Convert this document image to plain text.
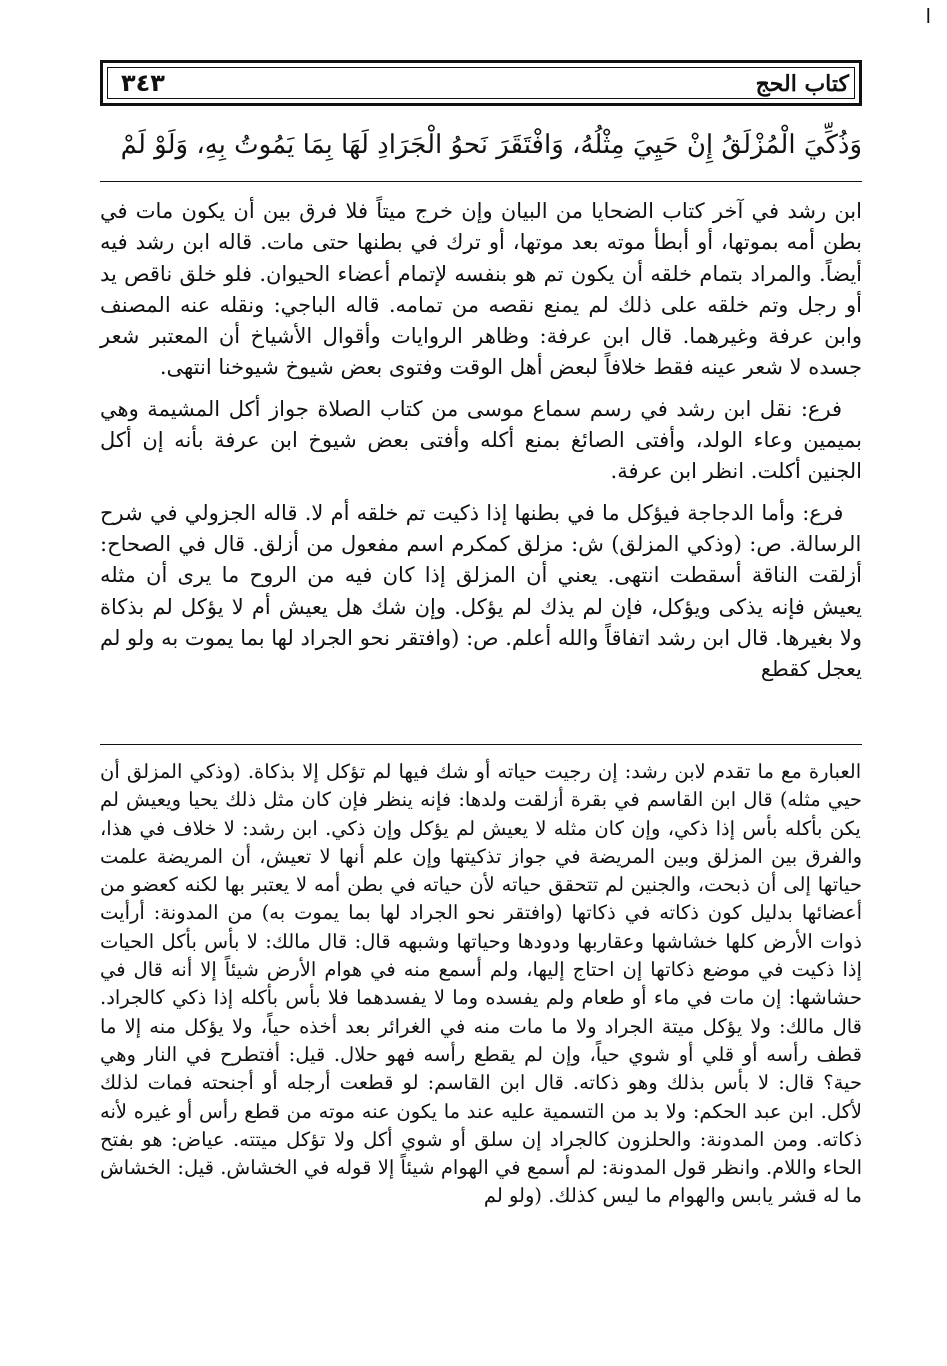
ا
كتاب الحج
٣٤٣
وَذُكِّيَ الْمُزْلَقُ إِنْ حَيِيَ مِثْلُهُ، وَافْتَقَرَ نَحوُ الْجَرَادِ لَهَا بِمَا يَمُوتُ بِهِ، وَلَوْ لَمْ

ابن رشد في آخر كتاب الضحايا من البيان وإن خرج ميتاً فلا فرق بين أن يكون مات في بطن أمه بموتها، أو أبطأ موته بعد موتها، أو ترك في بطنها حتى مات. قاله ابن رشد فيه أيضاً. والمراد بتمام خلقه أن يكون تم هو بنفسه لإتمام أعضاء الحيوان. فلو خلق ناقص يد أو رجل وتم خلقه على ذلك لم يمنع نقصه من تمامه. قاله الباجي: ونقله عنه المصنف وابن عرفة وغيرهما. قال ابن عرفة: وظاهر الروايات وأقوال الأشياخ أن المعتبر شعر جسده لا شعر عينه فقط خلافاً لبعض أهل الوقت وفتوى بعض شيوخ شيوخنا انتهى.

فرع: نقل ابن رشد في رسم سماع موسى من كتاب الصلاة جواز أكل المشيمة وهي بميمين وعاء الولد، وأفتى الصائغ بمنع أكله وأفتى بعض شيوخ ابن عرفة بأنه إن أكل الجنين أكلت. انظر ابن عرفة.

فرع: وأما الدجاجة فيؤكل ما في بطنها إذا ذكيت تم خلقه أم لا. قاله الجزولي في شرح الرسالة. ص: (وذكي المزلق) ش: مزلق كمكرم اسم مفعول من أزلق. قال في الصحاح: أزلقت الناقة أسقطت انتهى. يعني أن المزلق إذا كان فيه من الروح ما يرى أن مثله يعيش فإنه يذكى ويؤكل، فإن لم يذك لم يؤكل. وإن شك هل يعيش أم لا يؤكل لم بذكاة ولا بغيرها. قال ابن رشد اتفاقاً والله أعلم. ص: (وافتقر نحو الجراد لها بما يموت به ولو لم يعجل كقطع

العبارة مع ما تقدم لابن رشد: إن رجيت حياته أو شك فيها لم تؤكل إلا بذكاة. (وذكي المزلق أن حيي مثله) قال ابن القاسم في بقرة أزلقت ولدها: فإنه ينظر فإن كان مثل ذلك يحيا ويعيش لم يكن بأكله بأس إذا ذكي، وإن كان مثله لا يعيش لم يؤكل وإن ذكي. ابن رشد: لا خلاف في هذا، والفرق بين المزلق وبين المريضة في جواز تذكيتها وإن علم أنها لا تعيش، أن المريضة علمت حياتها إلى أن ذبحت، والجنين لم تتحقق حياته لأن حياته في بطن أمه لا يعتبر بها لكنه كعضو من أعضائها بدليل كون ذكاته في ذكاتها (وافتقر نحو الجراد لها بما يموت به) من المدونة: أرأيت ذوات الأرض كلها خشاشها وعقاربها ودودها وحياتها وشبهه قال: قال مالك: لا بأس بأكل الحيات إذا ذكيت في موضع ذكاتها إن احتاج إليها، ولم أسمع منه في هوام الأرض شيئاً إلا أنه قال في حشاشها: إن مات في ماء أو طعام ولم يفسده وما لا يفسدهما فلا بأس بأكله إذا ذكي كالجراد. قال مالك: ولا يؤكل ميتة الجراد ولا ما مات منه في الغرائر بعد أخذه حياً، ولا يؤكل منه إلا ما قطف رأسه أو قلي أو شوي حياً، وإن لم يقطع رأسه فهو حلال. قيل: أفتطرح في النار وهي حية؟ قال: لا بأس بذلك وهو ذكاته. قال ابن القاسم: لو قطعت أرجله أو أجنحته فمات لذلك لأكل. ابن عبد الحكم: ولا بد من التسمية عليه عند ما يكون عنه موته من قطع رأس أو غيره لأنه ذكاته. ومن المدونة: والحلزون كالجراد إن سلق أو شوي أكل ولا تؤكل ميتته. عياض: هو بفتح الحاء واللام. وانظر قول المدونة: لم أسمع في الهوام شيئاً إلا قوله في الخشاش. قيل: الخشاش ما له قشر يابس والهوام ما ليس كذلك. (ولو لم
